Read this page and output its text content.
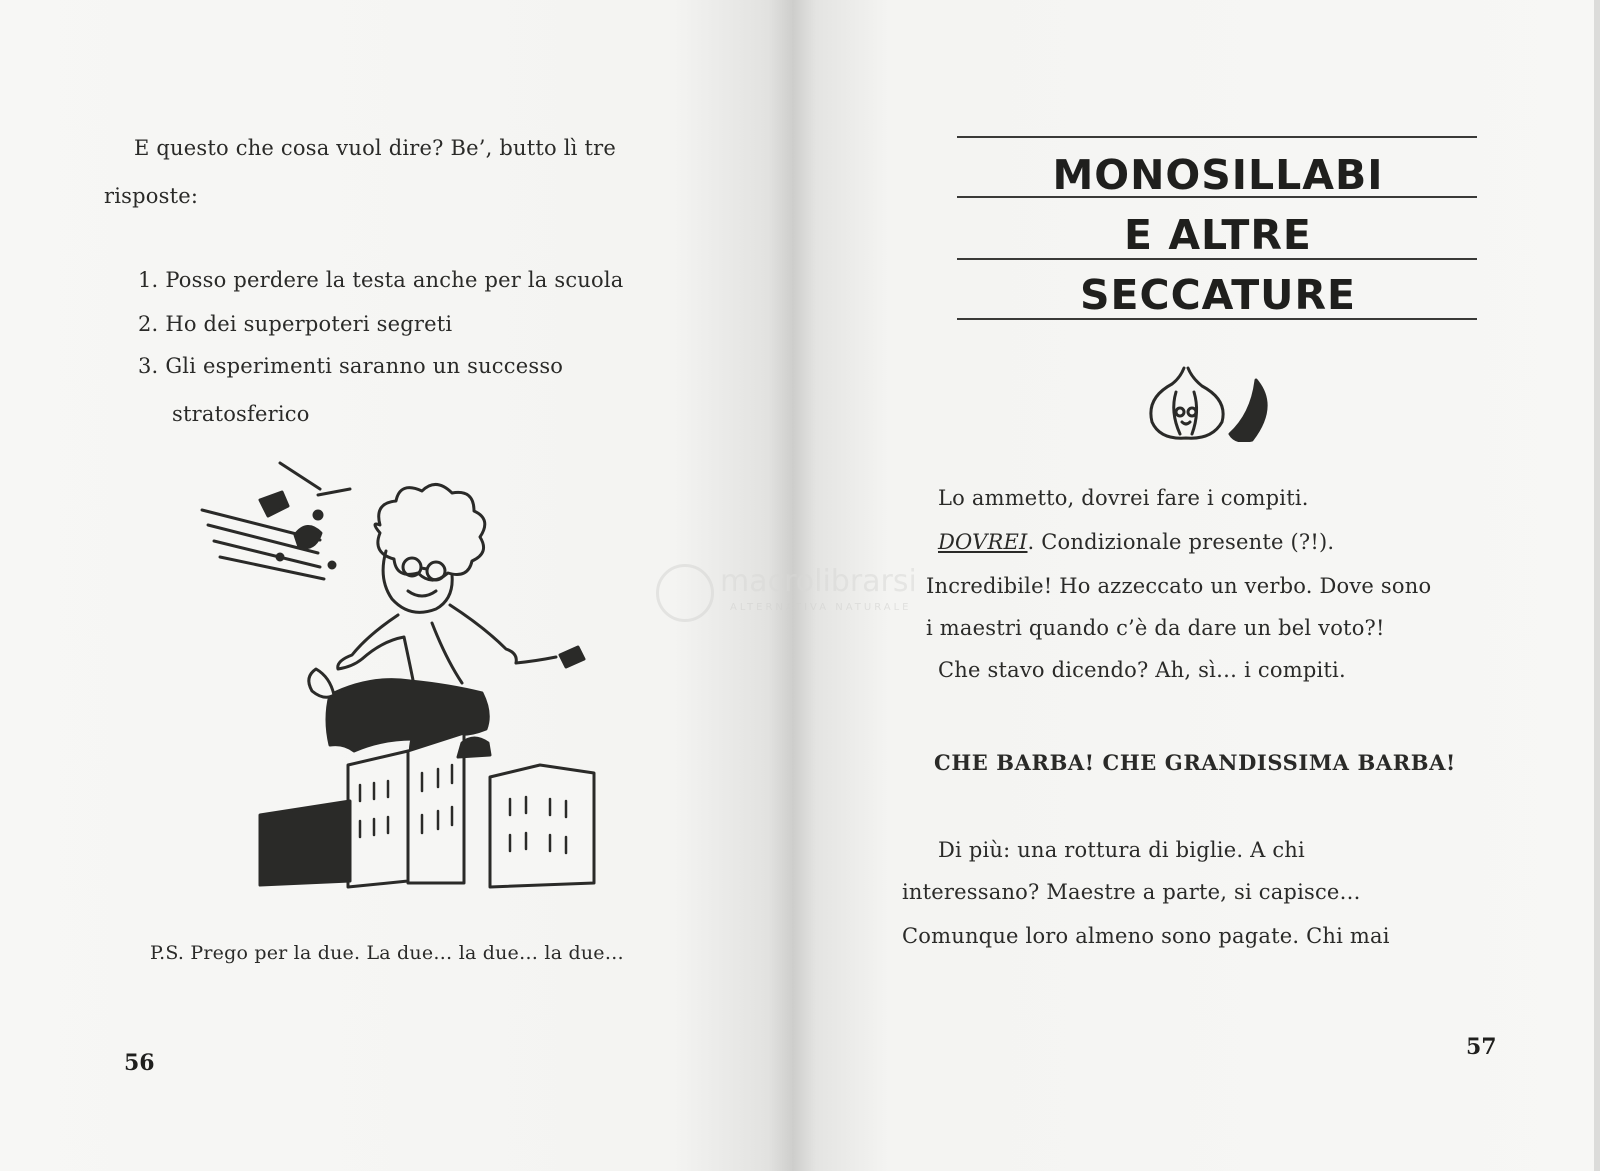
E questo che cosa vuol dire? Be’, butto lì tre
risposte:
1. Posso perdere la testa anche per la scuola
2. Ho dei superpoteri segreti
3. Gli esperimenti saranno un successo
stratosferico
P.S. Prego per la due. La due… la due… la due…
56
MONOSILLABI
E ALTRE
SECCATURE
Lo ammetto, dovrei fare i compiti.
DOVREI. Condizionale presente (?!).
Incredibile! Ho azzeccato un verbo. Dove sono
i maestri quando c’è da dare un bel voto?!
Che stavo dicendo? Ah, sì… i compiti.
CHE BARBA! CHE GRANDISSIMA BARBA!
Di più: una rottura di biglie. A chi
interessano? Maestre a parte, si capisce…
Comunque loro almeno sono pagate. Chi mai
57
macrolibrarsi
ALTERNATIVA NATURALE
